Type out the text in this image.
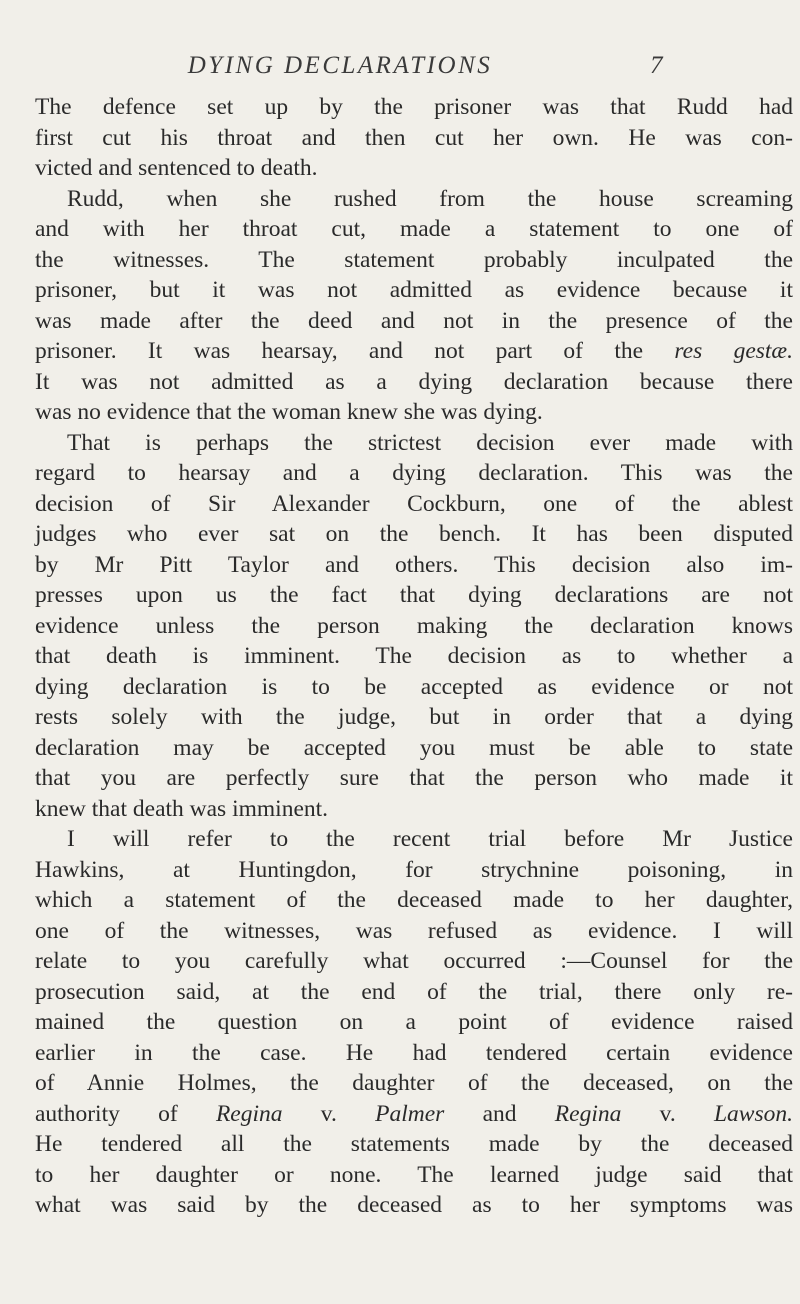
DYING DECLARATIONS	7
The defence set up by the prisoner was that Rudd had
first cut his throat and then cut her own. He was con-
victed and sentenced to death.
Rudd, when she rushed from the house screaming
and with her throat cut, made a statement to one of
the witnesses. The statement probably inculpated the
prisoner, but it was not admitted as evidence because it
was made after the deed and not in the presence of the
prisoner. It was hearsay, and not part of the res gestæ.
It was not admitted as a dying declaration because there
was no evidence that the woman knew she was dying.
That is perhaps the strictest decision ever made with
regard to hearsay and a dying declaration. This was the
decision of Sir Alexander Cockburn, one of the ablest
judges who ever sat on the bench. It has been disputed
by Mr Pitt Taylor and others. This decision also im-
presses upon us the fact that dying declarations are not
evidence unless the person making the declaration knows
that death is imminent. The decision as to whether a
dying declaration is to be accepted as evidence or not
rests solely with the judge, but in order that a dying
declaration may be accepted you must be able to state
that you are perfectly sure that the person who made it
knew that death was imminent.
I will refer to the recent trial before Mr Justice
Hawkins, at Huntingdon, for strychnine poisoning, in
which a statement of the deceased made to her daughter,
one of the witnesses, was refused as evidence. I will
relate to you carefully what occurred :—Counsel for the
prosecution said, at the end of the trial, there only re-
mained the question on a point of evidence raised
earlier in the case. He had tendered certain evidence
of Annie Holmes, the daughter of the deceased, on the
authority of Regina v. Palmer and Regina v. Lawson.
He tendered all the statements made by the deceased
to her daughter or none. The learned judge said that
what was said by the deceased as to her symptoms was
